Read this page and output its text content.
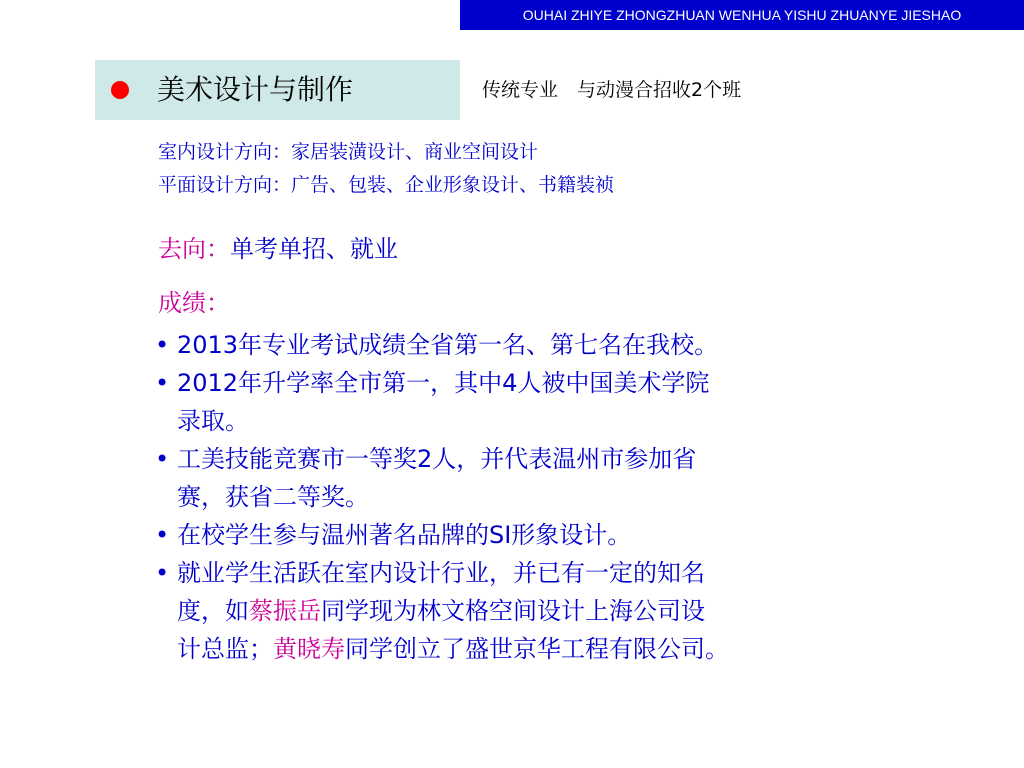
OUHAI ZHIYE ZHONGZHUAN WENHUA YISHU ZHUANYE JIESHAO
美术设计与制作	传统专业　与动漫合招收2个班
室内设计方向：家居装潢设计、商业空间设计
平面设计方向：广告、包装、企业形象设计、书籍装祯
去向：单考单招、就业
成绩：
• 2013年专业考试成绩全省第一名、第七名在我校。
• 2012年升学率全市第一，其中4人被中国美术学院
录取。
• 工美技能竞赛市一等奖2人，并代表温州市参加省
赛，获省二等奖。
• 在校学生参与温州著名品牌的SI形象设计。
• 就业学生活跃在室内设计行业，并已有一定的知名
度，如蔡振岳同学现为林文格空间设计上海公司设
计总监；黄晓寿同学创立了盛世京华工程有限公司。
